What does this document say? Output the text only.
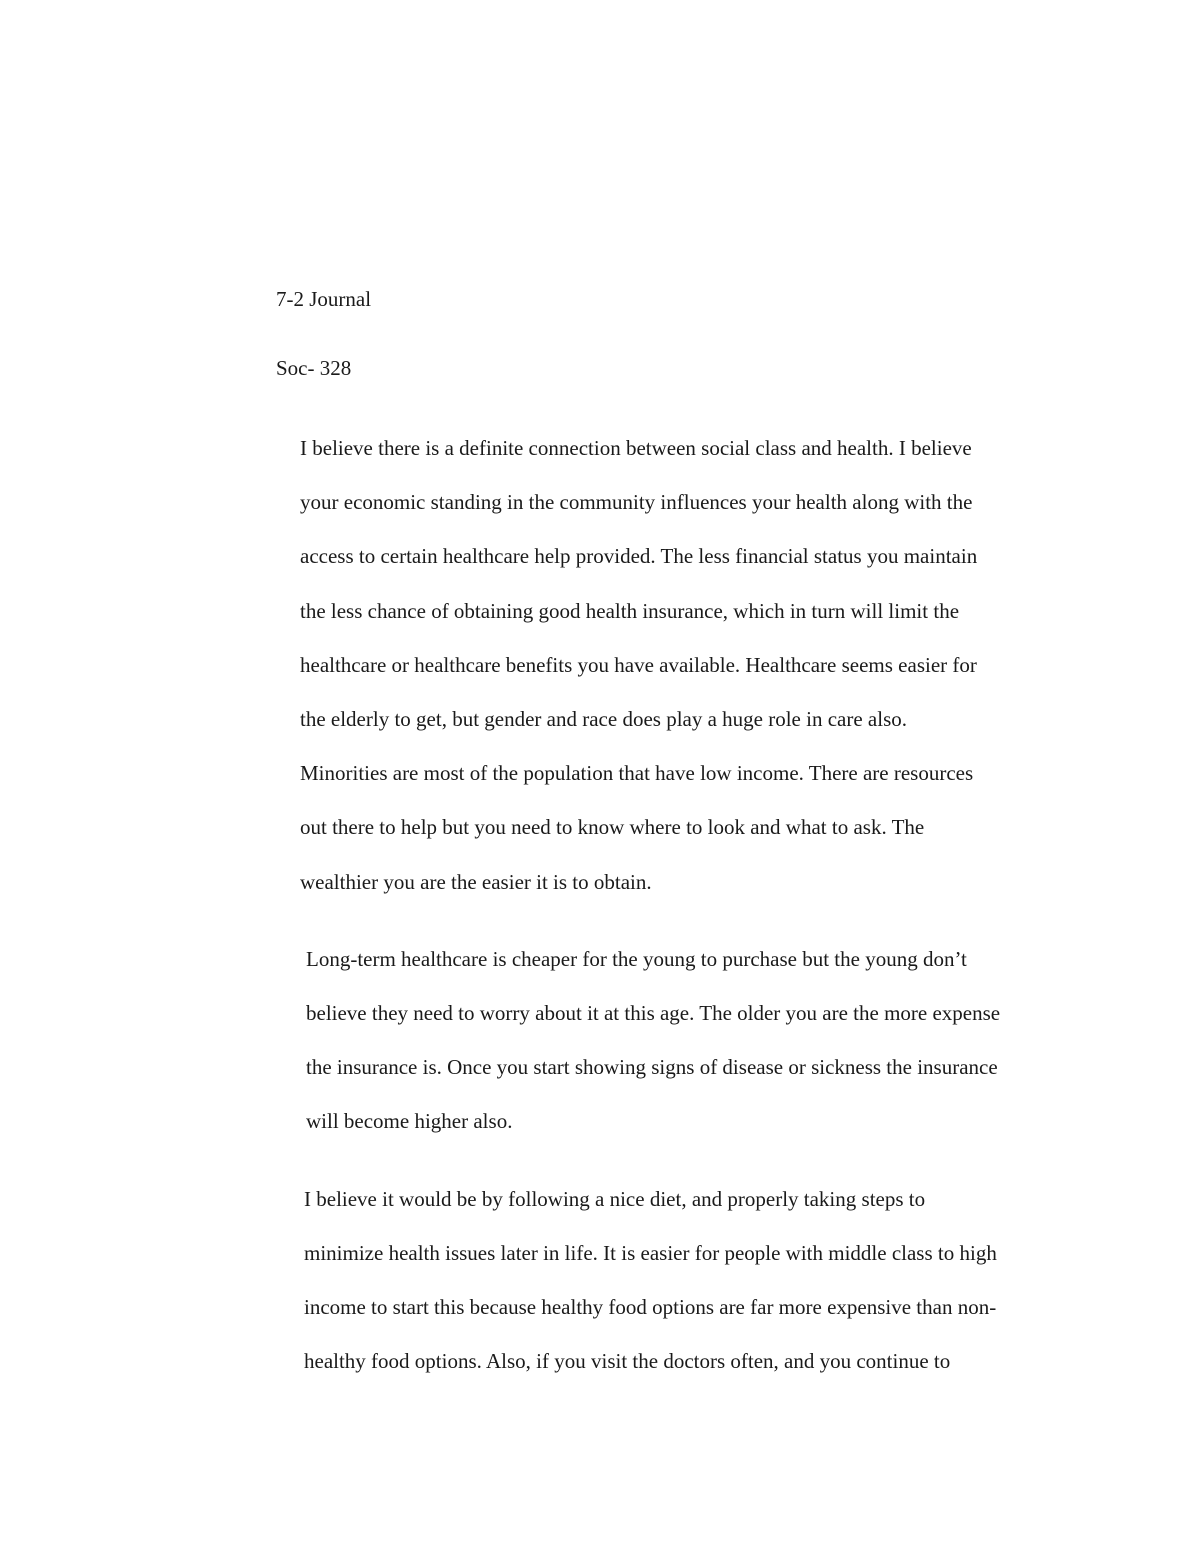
7-2 Journal

Soc- 328

I believe there is a definite connection between social class and health. I believe
your economic standing in the community influences your health along with the
access to certain healthcare help provided. The less financial status you maintain
the less chance of obtaining good health insurance, which in turn will limit the
healthcare or healthcare benefits you have available. Healthcare seems easier for
the elderly to get, but gender and race does play a huge role in care also.
Minorities are most of the population that have low income. There are resources
out there to help but you need to know where to look and what to ask. The
wealthier you are the easier it is to obtain.

Long-term healthcare is cheaper for the young to purchase but the young don’t
believe they need to worry about it at this age. The older you are the more expense
the insurance is. Once you start showing signs of disease or sickness the insurance
will become higher also.

I believe it would be by following a nice diet, and properly taking steps to
minimize health issues later in life. It is easier for people with middle class to high
income to start this because healthy food options are far more expensive than non-
healthy food options. Also, if you visit the doctors often, and you continue to
